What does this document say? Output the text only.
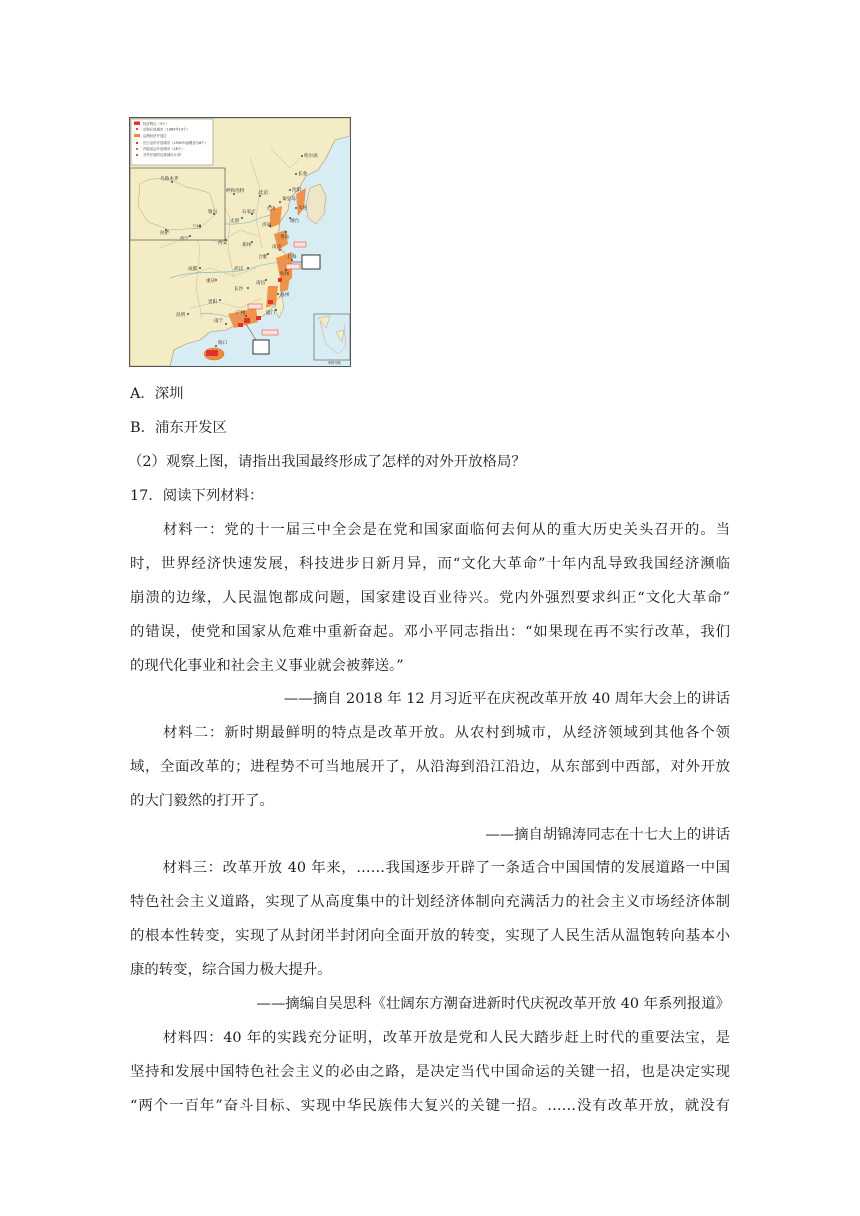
经济特区（5个）
沿海开放城市（1984年14个）
沿海经济开放区
长江沿岸开放城市（1990年起增加为8个）
内陆省会开放城市（18个）
对外开放的边境城市/口岸	哈尔滨
长春
沈阳
大连
北京
天津
秦皇岛
石家庄
太原
济南
青岛
烟台
郑州
西安
兰州
银川
西宁
呼和浩特
乌鲁木齐
拉萨
合肥
南京
上海
杭州
武汉
长沙
南昌
福州
厦门
成都
重庆
贵阳
昆明
南宁
广州
海口
审图号略
A．深圳
B．浦东开发区
（2）观察上图，请指出我国最终形成了怎样的对外开放格局？
17．阅读下列材料：
材料一：党的十一届三中全会是在党和国家面临何去何从的重大历史关头召开的。当
时，世界经济快速发展，科技进步日新月异，而“文化大革命”十年内乱导致我国经济濒临
崩溃的边缘，人民温饱都成问题，国家建设百业待兴。党内外强烈要求纠正“文化大革命”
的错误，使党和国家从危难中重新奋起。邓小平同志指出：“如果现在再不实行改革，我们
的现代化事业和社会主义事业就会被葬送。”
——摘自 2018 年 12 月习近平在庆祝改革开放 40 周年大会上的讲话
材料二：新时期最鲜明的特点是改革开放。从农村到城市，从经济领域到其他各个领
域，全面改革的；进程势不可当地展开了，从沿海到沿江沿边，从东部到中西部，对外开放
的大门毅然的打开了。
——摘自胡锦涛同志在十七大上的讲话
材料三：改革开放 40 年来，……我国逐步开辟了一条适合中国国情的发展道路一中国
特色社会主义道路，实现了从高度集中的计划经济体制向充满活力的社会主义市场经济体制
的根本性转变，实现了从封闭半封闭向全面开放的转变，实现了人民生活从温饱转向基本小
康的转变，综合国力极大提升。
——摘编自吴思科《壮阔东方潮奋进新时代庆祝改革开放 40 年系列报道》
材料四：40 年的实践充分证明，改革开放是党和人民大踏步赶上时代的重要法宝，是
坚持和发展中国特色社会主义的必由之路，是决定当代中国命运的关键一招，也是决定实现
“两个一百年”奋斗目标、实现中华民族伟大复兴的关键一招。……没有改革开放，就没有
